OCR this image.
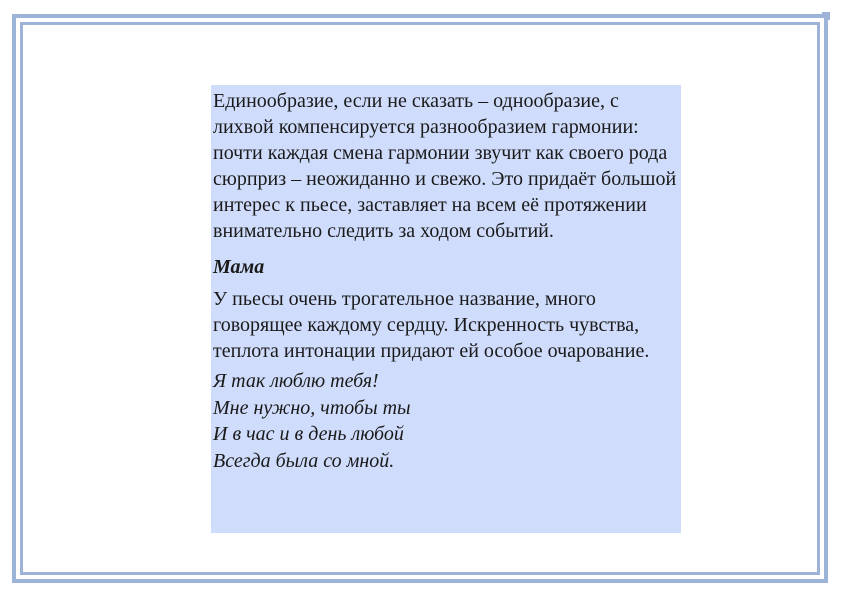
Единообразие, если не сказать – однообразие, с лихвой компенсируется разнообразием гармонии: почти каждая смена гармонии звучит как своего рода сюрприз – неожиданно и свежо. Это придаёт большой интерес к пьесе, заставляет на всем её протяжении внимательно следить за ходом событий.

Мама

У пьесы очень трогательное название, много говорящее каждому сердцу. Искренность чувства, теплота интонации придают ей особое очарование.

Я так люблю тебя!
Мне нужно, чтобы ты
И в час и в день любой
Всегда была со мной.
